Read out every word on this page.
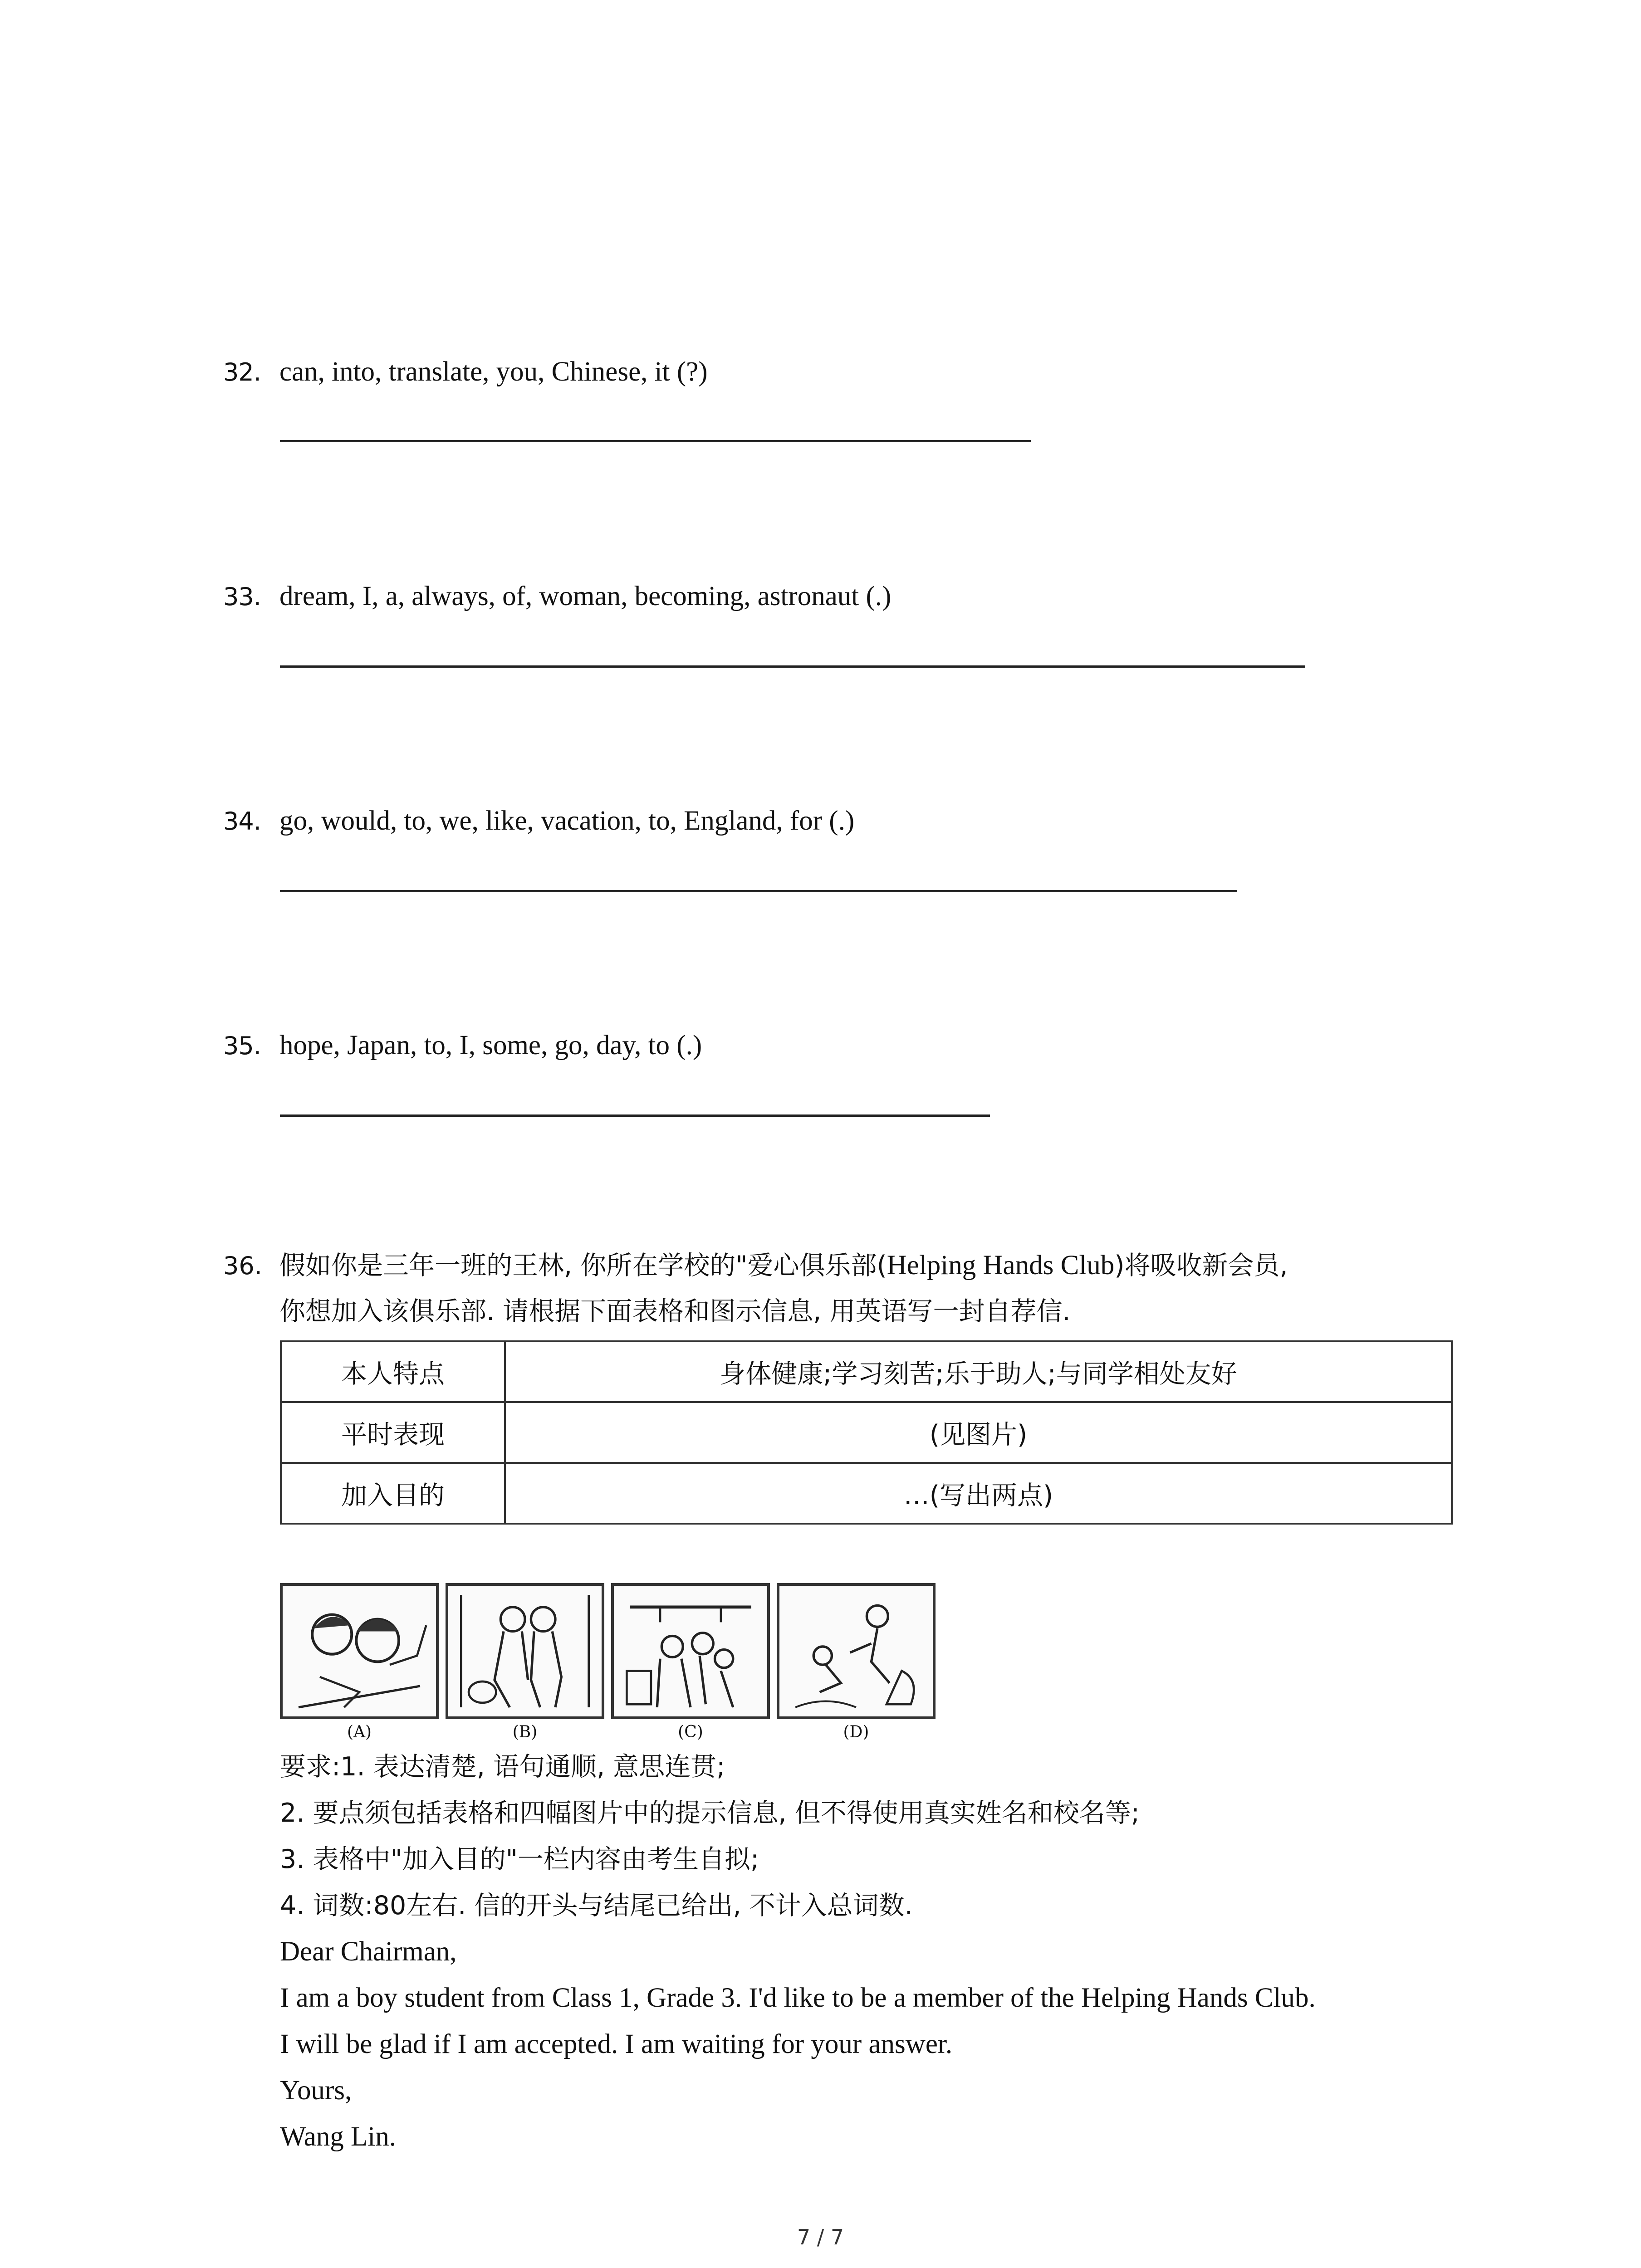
32. can, into, translate, you, Chinese, it (?)
33. dream, I, a, always, of, woman, becoming, astronaut (.)
34. go, would, to, we, like, vacation, to, England, for (.)
35. hope, Japan, to, I, some, go, day, to (.)
36. 假如你是三年一班的王林, 你所在学校的"爱心俱乐部(Helping Hands Club)将吸收新会员,
你想加入该俱乐部. 请根据下面表格和图示信息, 用英语写一封自荐信.
本人特点	身体健康;学习刻苦;乐于助人;与同学相处友好
平时表现	(见图片)
加入目的	…(写出两点)
(A)	(B)	(C)	(D)
要求:1. 表达清楚, 语句通顺, 意思连贯;
2. 要点须包括表格和四幅图片中的提示信息, 但不得使用真实姓名和校名等;
3. 表格中"加入目的"一栏内容由考生自拟;
4. 词数:80左右. 信的开头与结尾已给出, 不计入总词数.
Dear Chairman,
I am a boy student from Class 1, Grade 3. I'd like to be a member of the Helping Hands Club.
I will be glad if I am accepted. I am waiting for your answer.
Yours,
Wang Lin.
7 / 7
